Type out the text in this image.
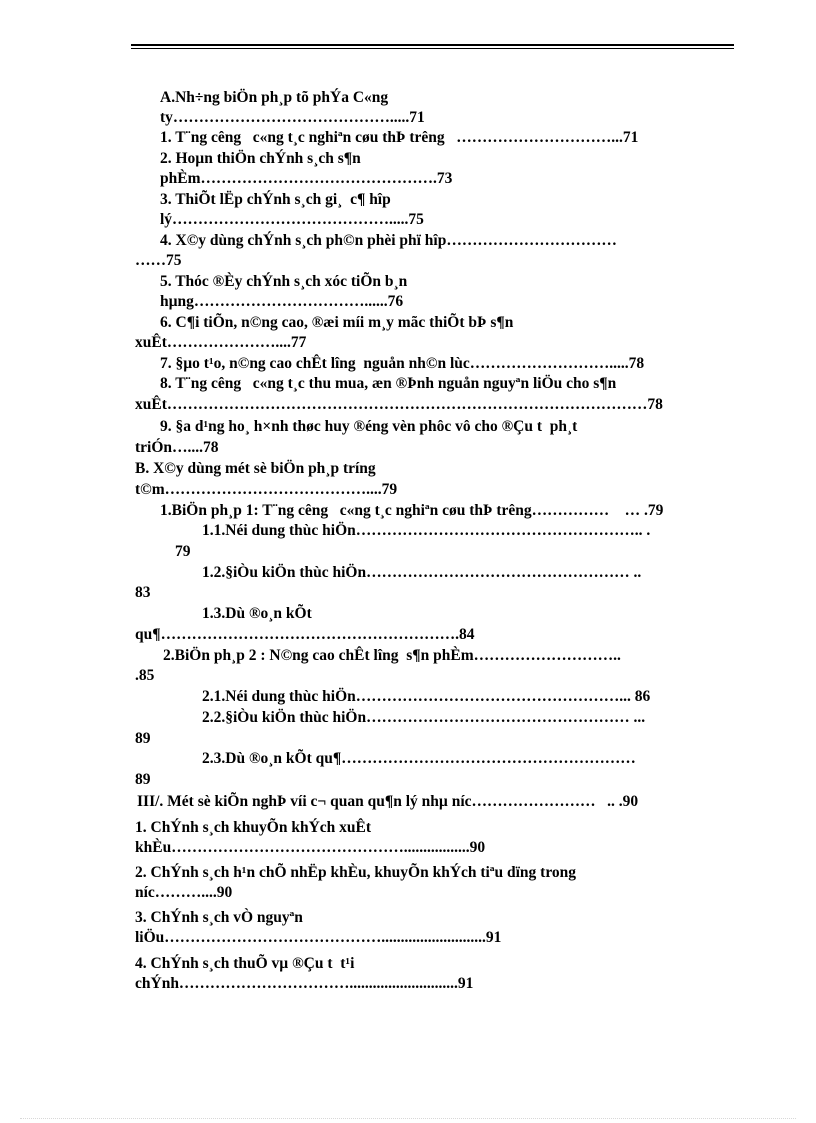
A.Nh÷ng biÖn ph¸p tõ phÝa C«ng
ty…………………………………….....71
1. T¨ng cêng   c«ng t¸c nghiªn cøu thÞ trêng   …………………………...71
2. Hoµn thiÖn chÝnh s¸ch s¶n
phÈm……………………………………….73
3. ThiÕt lËp chÝnh s¸ch gi¸  c¶ hîp
lý…………………………………….....75
4. X©y dùng chÝnh s¸ch ph©n phèi phï hîp……………………………
……75
5. Thóc ®Èy chÝnh s¸ch xóc tiÕn b¸n
hµng……………………………......76
6. C¶i tiÕn, n©ng cao, ®æi míi m¸y mãc thiÕt bÞ s¶n
xuÊt…………………....77
7. §µo t¹o, n©ng cao chÊt lîng  nguån nh©n lùc……………………….....78
8. T¨ng cêng   c«ng t¸c thu mua, æn ®Þnh nguån nguyªn liÖu cho s¶n
xuÊt…………………………………………………………………………………78
9. §a d¹ng ho¸ h×nh thøc huy ®éng vèn phôc vô cho ®Çu t  ph¸t
triÓn…....78
B. X©y dùng mét sè biÖn ph¸p tríng
t©m…………………………………....79
1.BiÖn ph¸p 1: T¨ng cêng   c«ng t¸c nghiªn cøu thÞ trêng……………    … .79
1.1.Néi dung thùc hiÖn……………………………………………….. .
79
1.2.§iÒu kiÖn thùc hiÖn…………………………………………… ..
83
1.3.Dù ®o¸n kÕt
qu¶………………………………………………….84
2.BiÖn ph¸p 2 : N©ng cao chÊt lîng  s¶n phÈm………………………..
.85
2.1.Néi dung thùc hiÖn……………………………………………... 86
2.2.§iÒu kiÖn thùc hiÖn…………………………………………… ...
89
2.3.Dù ®o¸n kÕt qu¶…………………………………………………
89
III/. Mét sè kiÕn nghÞ víi c¬ quan qu¶n lý nhµ níc……………………   .. .90
1. ChÝnh s¸ch khuyÕn khÝch xuÊt
khÈu……………………………………….................90
2. ChÝnh s¸ch h¹n chÕ nhËp khÈu, khuyÕn khÝch tiªu dïng trong
níc………....90
3. ChÝnh s¸ch vÒ nguyªn
liÖu……………………………………...........................91
4. ChÝnh s¸ch thuÕ vµ ®Çu t  t¹i
chÝnh……………………………............................91
